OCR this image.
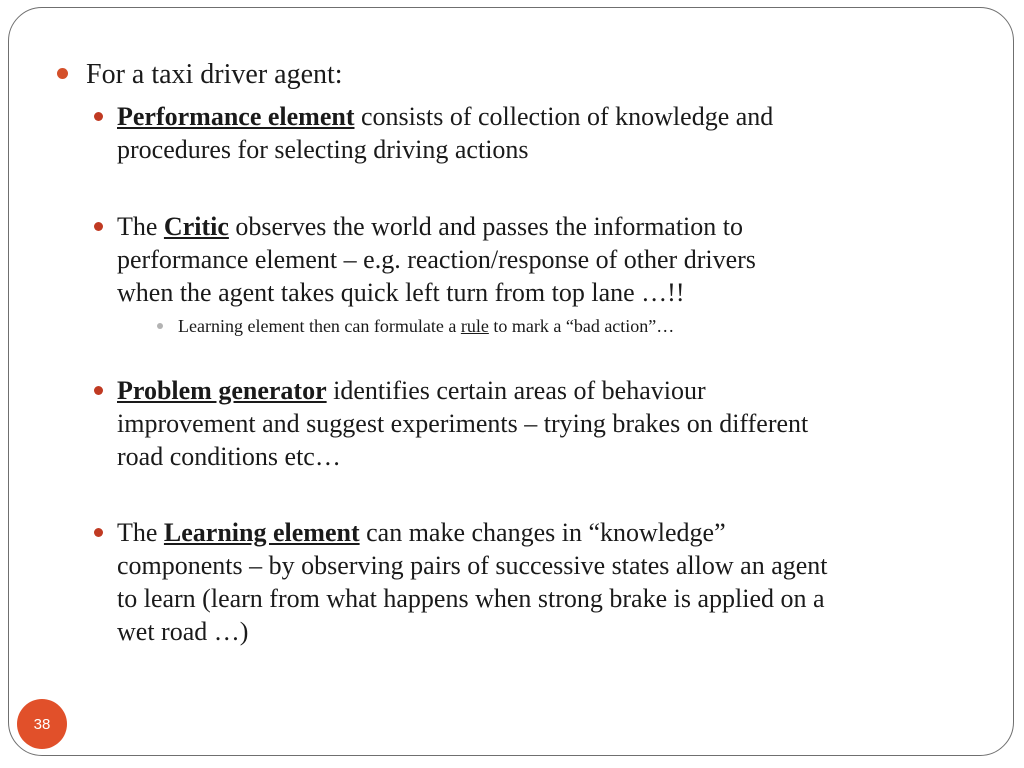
For a taxi driver agent:
Performance element consists of collection of knowledge and
procedures for selecting driving actions
The Critic observes the world and passes the information to
performance element – e.g. reaction/response of other drivers
when the agent takes quick left turn from top lane …!!
Learning element then can formulate a rule to mark a “bad action”…
Problem generator identifies certain areas of behaviour
improvement and suggest experiments – trying brakes on different
road conditions etc…
The Learning element can make changes in “knowledge”
components – by observing pairs of successive states allow an agent
to learn (learn from what happens when strong brake is applied on a
wet road …)
38
